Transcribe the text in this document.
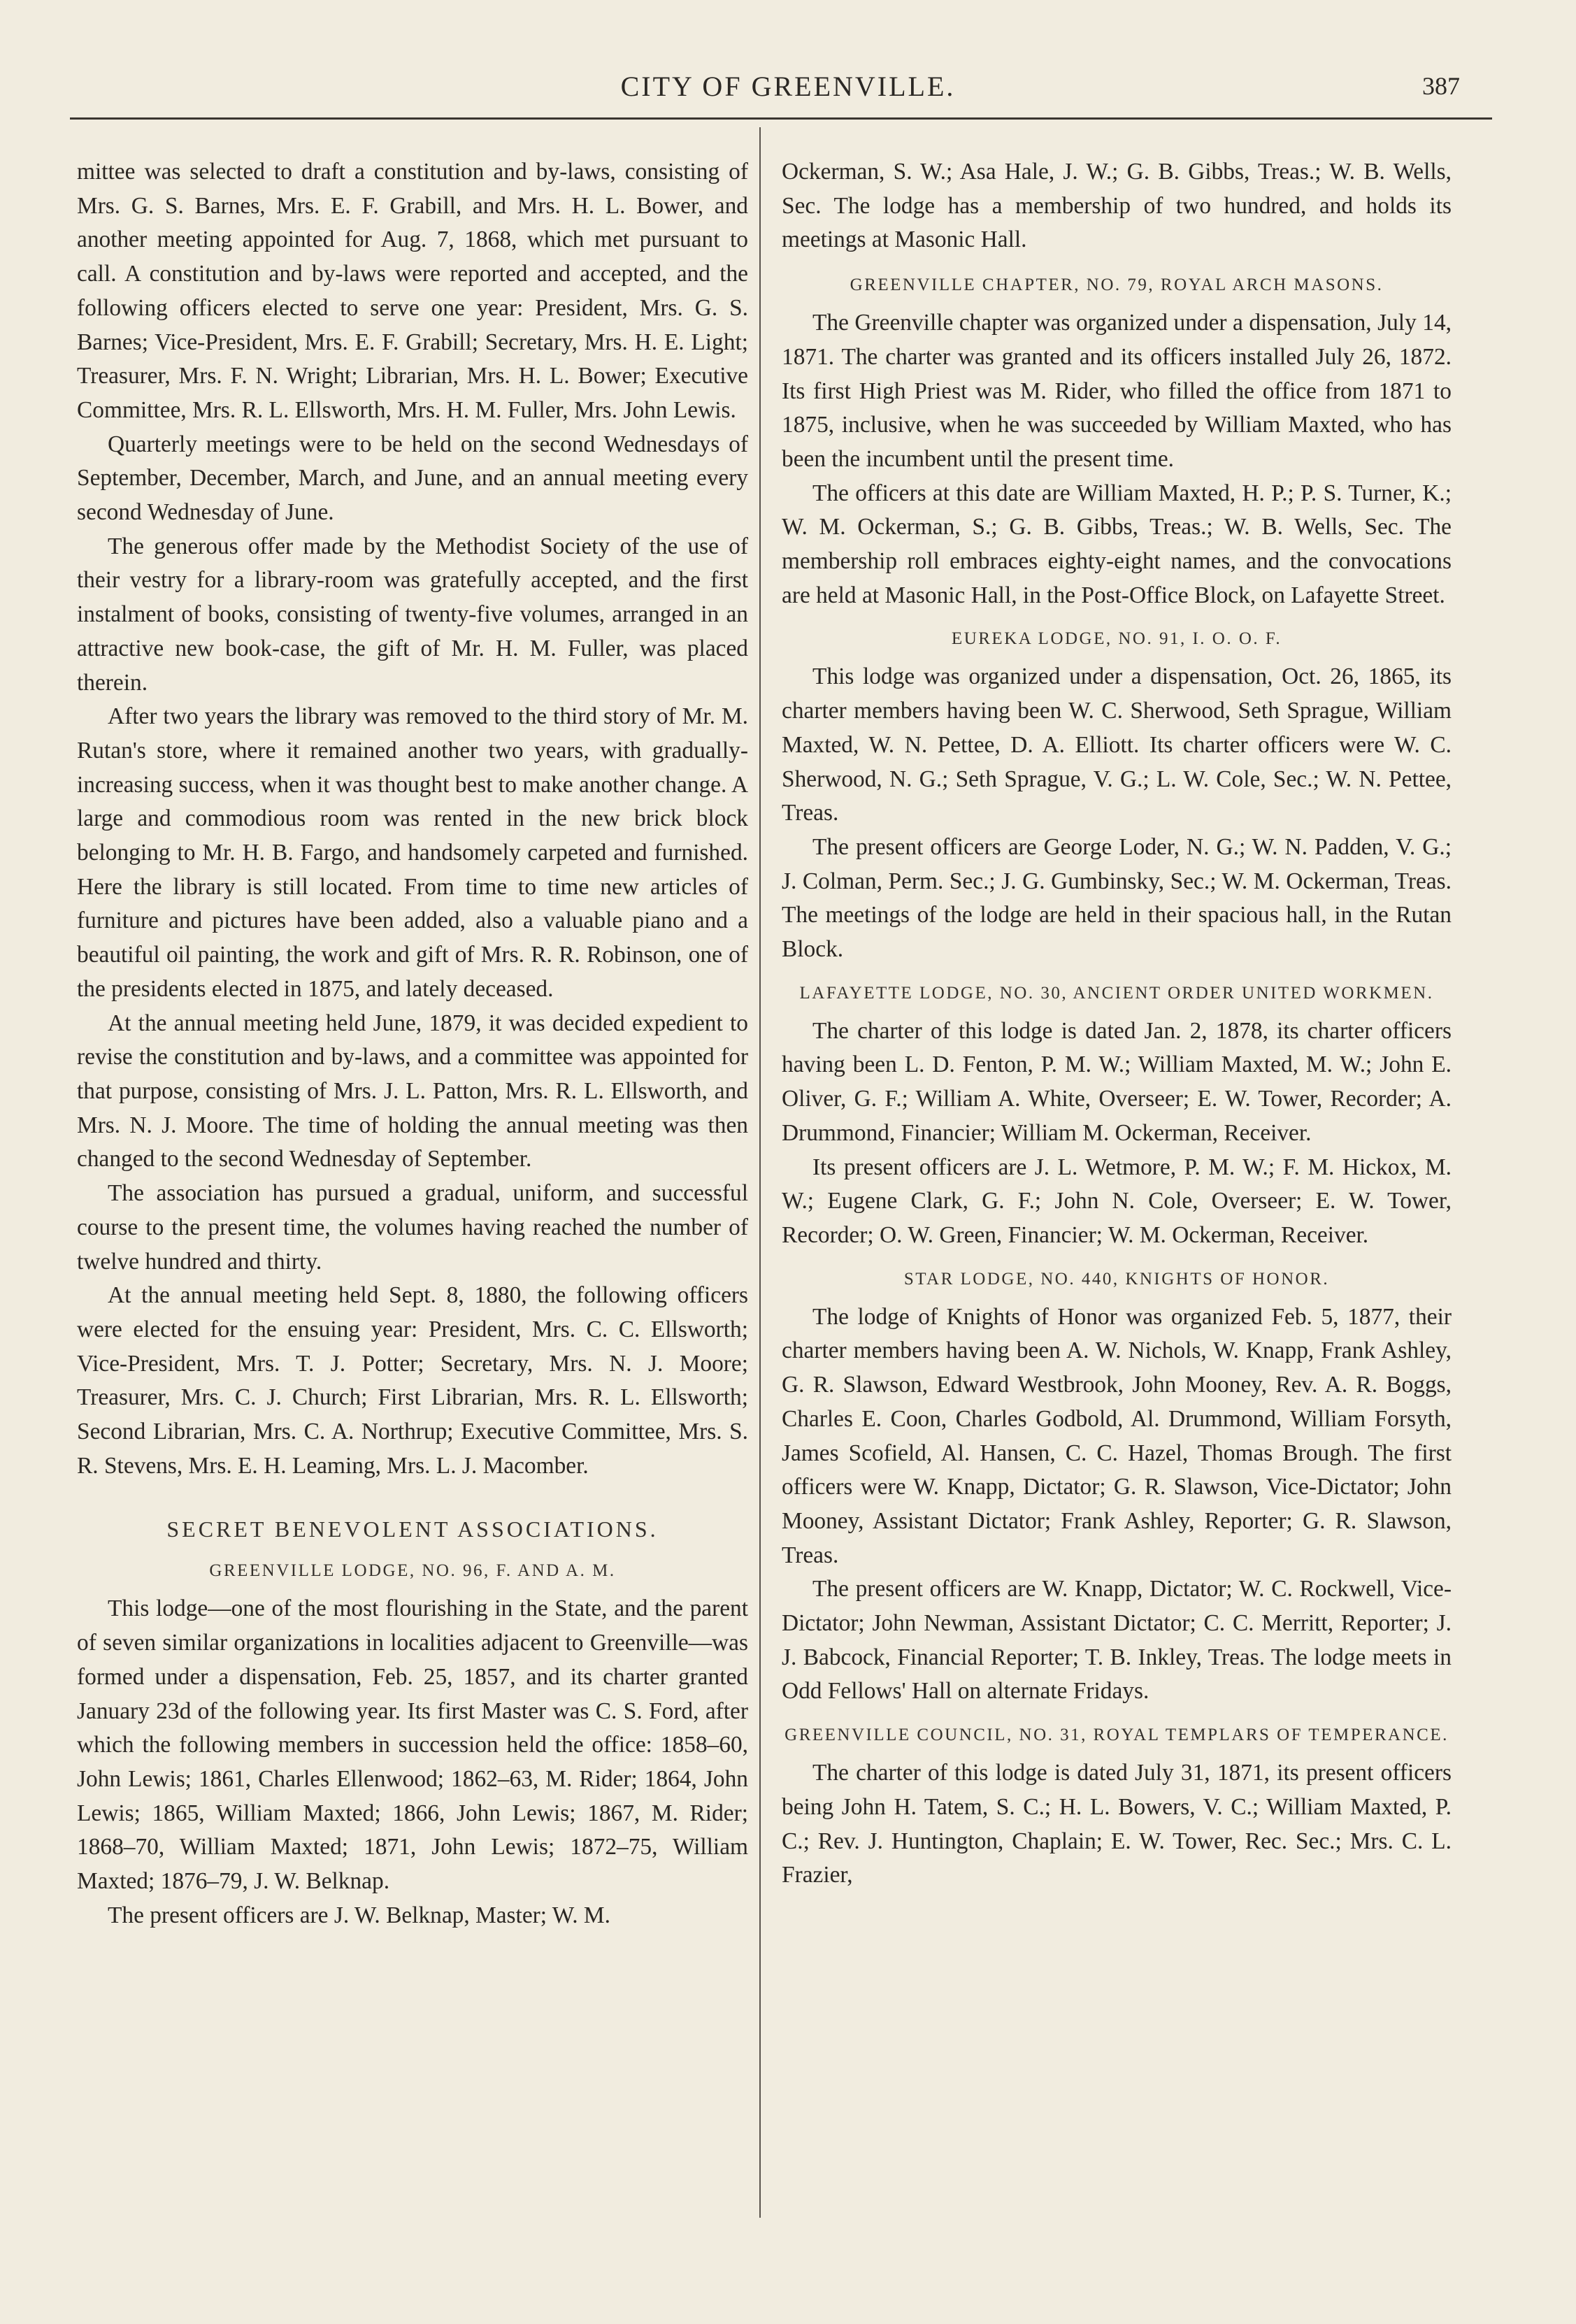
CITY OF GREENVILLE.	387

mittee was selected to draft a constitution and by-laws, consisting of Mrs. G. S. Barnes, Mrs. E. F. Grabill, and Mrs. H. L. Bower, and another meeting appointed for Aug. 7, 1868, which met pursuant to call. A constitution and by-laws were reported and accepted, and the following officers elected to serve one year: President, Mrs. G. S. Barnes; Vice-President, Mrs. E. F. Grabill; Secretary, Mrs. H. E. Light; Treasurer, Mrs. F. N. Wright; Librarian, Mrs. H. L. Bower; Executive Committee, Mrs. R. L. Ellsworth, Mrs. H. M. Fuller, Mrs. John Lewis.

Quarterly meetings were to be held on the second Wednesdays of September, December, March, and June, and an annual meeting every second Wednesday of June.

The generous offer made by the Methodist Society of the use of their vestry for a library-room was gratefully accepted, and the first instalment of books, consisting of twenty-five volumes, arranged in an attractive new book-case, the gift of Mr. H. M. Fuller, was placed therein.

After two years the library was removed to the third story of Mr. M. Rutan's store, where it remained another two years, with gradually-increasing success, when it was thought best to make another change. A large and commodious room was rented in the new brick block belonging to Mr. H. B. Fargo, and handsomely carpeted and furnished. Here the library is still located. From time to time new articles of furniture and pictures have been added, also a valuable piano and a beautiful oil painting, the work and gift of Mrs. R. R. Robinson, one of the presidents elected in 1875, and lately deceased.

At the annual meeting held June, 1879, it was decided expedient to revise the constitution and by-laws, and a committee was appointed for that purpose, consisting of Mrs. J. L. Patton, Mrs. R. L. Ellsworth, and Mrs. N. J. Moore. The time of holding the annual meeting was then changed to the second Wednesday of September.

The association has pursued a gradual, uniform, and successful course to the present time, the volumes having reached the number of twelve hundred and thirty.

At the annual meeting held Sept. 8, 1880, the following officers were elected for the ensuing year: President, Mrs. C. C. Ellsworth; Vice-President, Mrs. T. J. Potter; Secretary, Mrs. N. J. Moore; Treasurer, Mrs. C. J. Church; First Librarian, Mrs. R. L. Ellsworth; Second Librarian, Mrs. C. A. Northrup; Executive Committee, Mrs. S. R. Stevens, Mrs. E. H. Leaming, Mrs. L. J. Macomber.

SECRET BENEVOLENT ASSOCIATIONS.
GREENVILLE LODGE, NO. 96, F. AND A. M.

This lodge—one of the most flourishing in the State, and the parent of seven similar organizations in localities adjacent to Greenville—was formed under a dispensation, Feb. 25, 1857, and its charter granted January 23d of the following year. Its first Master was C. S. Ford, after which the following members in succession held the office: 1858–60, John Lewis; 1861, Charles Ellenwood; 1862–63, M. Rider; 1864, John Lewis; 1865, William Maxted; 1866, John Lewis; 1867, M. Rider; 1868–70, William Maxted; 1871, John Lewis; 1872–75, William Maxted; 1876–79, J. W. Belknap.

The present officers are J. W. Belknap, Master; W. M.

Ockerman, S. W.; Asa Hale, J. W.; G. B. Gibbs, Treas.; W. B. Wells, Sec. The lodge has a membership of two hundred, and holds its meetings at Masonic Hall.

GREENVILLE CHAPTER, NO. 79, ROYAL ARCH MASONS.

The Greenville chapter was organized under a dispensation, July 14, 1871. The charter was granted and its officers installed July 26, 1872. Its first High Priest was M. Rider, who filled the office from 1871 to 1875, inclusive, when he was succeeded by William Maxted, who has been the incumbent until the present time.

The officers at this date are William Maxted, H. P.; P. S. Turner, K.; W. M. Ockerman, S.; G. B. Gibbs, Treas.; W. B. Wells, Sec. The membership roll embraces eighty-eight names, and the convocations are held at Masonic Hall, in the Post-Office Block, on Lafayette Street.

EUREKA LODGE, NO. 91, I. O. O. F.

This lodge was organized under a dispensation, Oct. 26, 1865, its charter members having been W. C. Sherwood, Seth Sprague, William Maxted, W. N. Pettee, D. A. Elliott. Its charter officers were W. C. Sherwood, N. G.; Seth Sprague, V. G.; L. W. Cole, Sec.; W. N. Pettee, Treas.

The present officers are George Loder, N. G.; W. N. Padden, V. G.; J. Colman, Perm. Sec.; J. G. Gumbinsky, Sec.; W. M. Ockerman, Treas. The meetings of the lodge are held in their spacious hall, in the Rutan Block.

LAFAYETTE LODGE, NO. 30, ANCIENT ORDER UNITED WORKMEN.

The charter of this lodge is dated Jan. 2, 1878, its charter officers having been L. D. Fenton, P. M. W.; William Maxted, M. W.; John E. Oliver, G. F.; William A. White, Overseer; E. W. Tower, Recorder; A. Drummond, Financier; William M. Ockerman, Receiver.

Its present officers are J. L. Wetmore, P. M. W.; F. M. Hickox, M. W.; Eugene Clark, G. F.; John N. Cole, Overseer; E. W. Tower, Recorder; O. W. Green, Financier; W. M. Ockerman, Receiver.

STAR LODGE, NO. 440, KNIGHTS OF HONOR.

The lodge of Knights of Honor was organized Feb. 5, 1877, their charter members having been A. W. Nichols, W. Knapp, Frank Ashley, G. R. Slawson, Edward Westbrook, John Mooney, Rev. A. R. Boggs, Charles E. Coon, Charles Godbold, Al. Drummond, William Forsyth, James Scofield, Al. Hansen, C. C. Hazel, Thomas Brough. The first officers were W. Knapp, Dictator; G. R. Slawson, Vice-Dictator; John Mooney, Assistant Dictator; Frank Ashley, Reporter; G. R. Slawson, Treas.

The present officers are W. Knapp, Dictator; W. C. Rockwell, Vice-Dictator; John Newman, Assistant Dictator; C. C. Merritt, Reporter; J. J. Babcock, Financial Reporter; T. B. Inkley, Treas. The lodge meets in Odd Fellows' Hall on alternate Fridays.

GREENVILLE COUNCIL, NO. 31, ROYAL TEMPLARS OF TEMPERANCE.

The charter of this lodge is dated July 31, 1871, its present officers being John H. Tatem, S. C.; H. L. Bowers, V. C.; William Maxted, P. C.; Rev. J. Huntington, Chaplain; E. W. Tower, Rec. Sec.; Mrs. C. L. Frazier,
